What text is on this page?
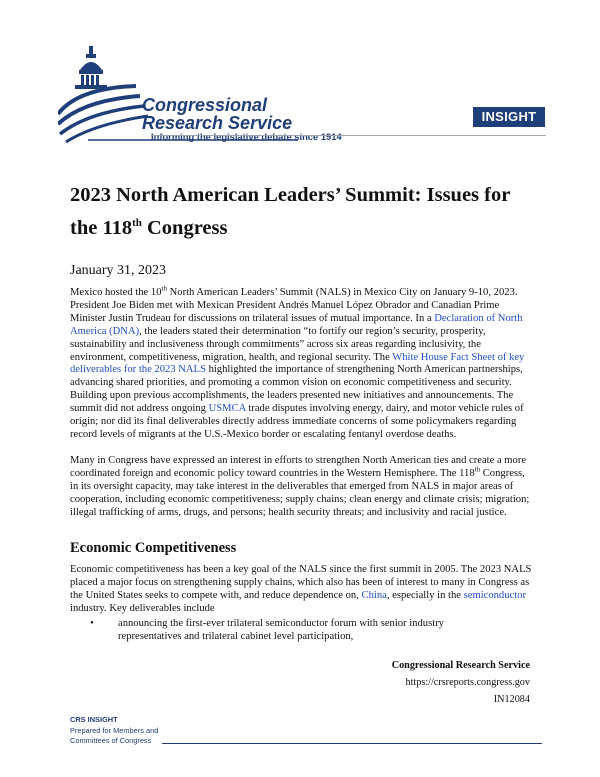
Congressional
Research Service
Informing the legislative debate since 1914
INSIGHT
2023 North American Leaders’ Summit: Issues for the 118th Congress
January 31, 2023

Mexico hosted the 10th North American Leaders’ Summit (NALS) in Mexico City on January 9-10, 2023. President Joe Biden met with Mexican President Andrés Manuel López Obrador and Canadian Prime Minister Justin Trudeau for discussions on trilateral issues of mutual importance. In a Declaration of North America (DNA), the leaders stated their determination “to fortify our region’s security, prosperity, sustainability and inclusiveness through commitments” across six areas regarding inclusivity, the environment, competitiveness, migration, health, and regional security. The White House Fact Sheet of key deliverables for the 2023 NALS highlighted the importance of strengthening North American partnerships, advancing shared priorities, and promoting a common vision on economic competitiveness and security. Building upon previous accomplishments, the leaders presented new initiatives and announcements. The summit did not address ongoing USMCA trade disputes involving energy, dairy, and motor vehicle rules of origin; nor did its final deliverables directly address immediate concerns of some policymakers regarding record levels of migrants at the U.S.-Mexico border or escalating fentanyl overdose deaths.

Many in Congress have expressed an interest in efforts to strengthen North American ties and create a more coordinated foreign and economic policy toward countries in the Western Hemisphere. The 118th Congress, in its oversight capacity, may take interest in the deliverables that emerged from NALS in major areas of cooperation, including economic competitiveness; supply chains; clean energy and climate crisis; migration; illegal trafficking of arms, drugs, and persons; health security threats; and inclusivity and racial justice.

Economic Competitiveness

Economic competitiveness has been a key goal of the NALS since the first summit in 2005. The 2023 NALS placed a major focus on strengthening supply chains, which also has been of interest to many in Congress as the United States seeks to compete with, and reduce dependence on, China, especially in the semiconductor industry. Key deliverables include

• announcing the first-ever trilateral semiconductor forum with senior industry representatives and trilateral cabinet level participation,
Congressional Research Service
https://crsreports.congress.gov
IN12084
CRS INSIGHT
Prepared for Members and
Committees of Congress
